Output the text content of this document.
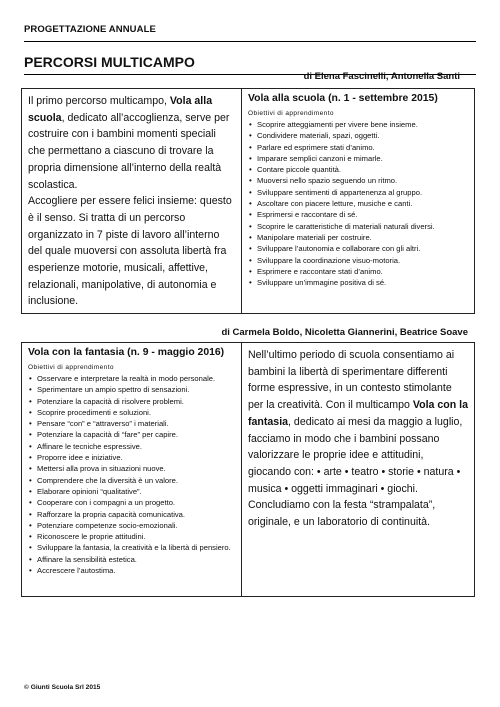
PROGETTAZIONE ANNUALE
PERCORSI MULTICAMPO
di Elena Fascinelli, Antonella Santi
Il primo percorso multicampo, Vola alla scuola, dedicato all’accoglienza, serve per costruire con i bambini momenti speciali che permettano a ciascuno di trovare la propria dimensione all’interno della realtà scolastica.
Accogliere per essere felici insieme: questo è il senso. Si tratta di un percorso organizzato in 7 piste di lavoro all’interno del quale muoversi con assoluta libertà fra esperienze motorie, musicali, affettive, relazionali, manipolative, di autonomia e inclusione.
Vola alla scuola (n. 1 - settembre 2015)
Obiettivi di apprendimento
• Scoprire atteggiamenti per vivere bene insieme.
• Condividere materiali, spazi, oggetti.
• Parlare ed esprimere stati d’animo.
• Imparare semplici canzoni e mimarle.
• Contare piccole quantità.
• Muoversi nello spazio seguendo un ritmo.
• Sviluppare sentimenti di appartenenza al gruppo.
• Ascoltare con piacere letture, musiche e canti.
• Esprimersi e raccontare di sé.
• Scoprire le caratteristiche di materiali naturali diversi.
• Manipolare materiali per costruire.
• Sviluppare l’autonomia e collaborare con gli altri.
• Sviluppare la coordinazione visuo-motoria.
• Esprimere e raccontare stati d’animo.
• Sviluppare un’immagine positiva di sé.
di Carmela Boldo, Nicoletta Giannerini, Beatrice Soave
Vola con la fantasia (n. 9 - maggio 2016)
Obiettivi di apprendimento
• Osservare e interpretare la realtà in modo personale.
• Sperimentare un ampio spettro di sensazioni.
• Potenziare la capacità di risolvere problemi.
• Scoprire procedimenti e soluzioni.
• Pensare “con” e “attraverso” i materiali.
• Potenziare la capacità di “fare” per capire.
• Affinare le tecniche espressive.
• Proporre idee e iniziative.
• Mettersi alla prova in situazioni nuove.
• Comprendere che la diversità è un valore.
• Elaborare opinioni “qualitative”.
• Cooperare con i compagni a un progetto.
• Rafforzare la propria capacità comunicativa.
• Potenziare competenze socio-emozionali.
• Riconoscere le proprie attitudini.
• Sviluppare la fantasia, la creatività e la libertà di pensiero.
• Affinare la sensibilità estetica.
• Accrescere l’autostima.
Nell’ultimo periodo di scuola consentiamo ai bambini la libertà di sperimentare differenti forme espressive, in un contesto stimolante per la creatività. Con il multicampo Vola con la fantasia, dedicato ai mesi da maggio a luglio, facciamo in modo che i bambini possano valorizzare le proprie idee e attitudini, giocando con: • arte • teatro • storie • natura • musica • oggetti immaginari • giochi.
Concludiamo con la festa “strampalata”, originale, e un laboratorio di continuità.
© Giunti Scuola Srl 2015
